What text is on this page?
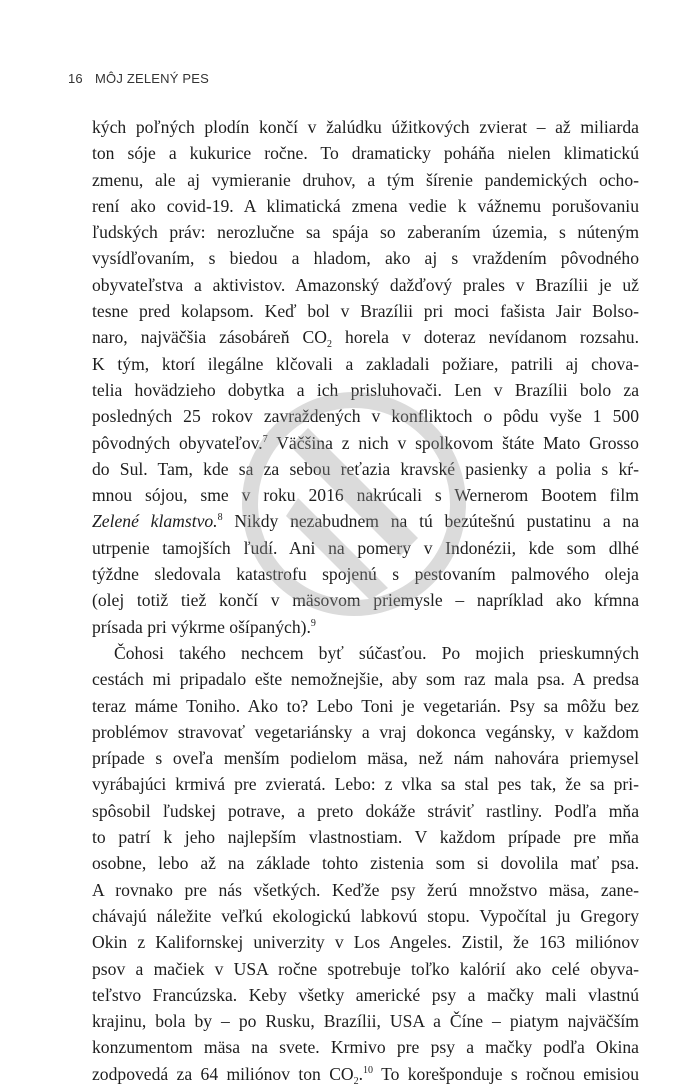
16 MÔJ ZELENÝ PES
kých poľných plodín končí v žalúdku úžitkových zvierat – až miliarda
ton sóje a kukurice ročne. To dramaticky poháňa nielen klimatickú
zmenu, ale aj vymieranie druhov, a tým šírenie pandemických ocho-
rení ako covid-19. A klimatická zmena vedie k vážnemu porušovaniu
ľudských práv: nerozlučne sa spája so zaberaním územia, s núteným
vysídľovaním, s biedou a hladom, ako aj s vraždením pôvodného
obyvateľstva a aktivistov. Amazonský dažďový prales v Brazílii je už
tesne pred kolapsom. Keď bol v Brazílii pri moci fašista Jair Bolso-
naro, najväčšia zásobáreň $CO_2$ horela v doteraz nevídanom rozsahu.
K tým, ktorí ilegálne klčovali a zakladali požiare, patrili aj chova-
telia hovädzieho dobytka a ich prisluhovači. Len v Brazílii bolo za
posledných 25 rokov zavraždených v konfliktoch o pôdu vyše 1 500
pôvodných obyvateľov.$^7$ Väčšina z nich v spolkovom štáte Mato Grosso
do Sul. Tam, kde sa za sebou reťazia kravské pasienky a polia s kŕ-
mnou sójou, sme v roku 2016 nakrúcali s Wernerom Bootem film
Zelené klamstvo.$^8$ Nikdy nezabudnem na tú bezútešnú pustatinu a na
utrpenie tamojších ľudí. Ani na pomery v Indonézii, kde som dlhé
týždne sledovala katastrofu spojenú s pestovaním palmového oleja
(olej totiž tiež končí v mäsovom priemysle – napríklad ako kŕmna
prísada pri výkrme ošípaných).$^9$
Čohosi takého nechcem byť súčasťou. Po mojich prieskumných
cestách mi pripadalo ešte nemožnejšie, aby som raz mala psa. A predsa
teraz máme Toniho. Ako to? Lebo Toni je vegetarián. Psy sa môžu bez
problémov stravovať vegetariánsky a vraj dokonca vegánsky, v každom
prípade s oveľa menším podielom mäsa, než nám nahovára priemysel
vyrábajúci krmivá pre zvieratá. Lebo: z vlka sa stal pes tak, že sa pri-
spôsobil ľudskej potrave, a preto dokáže stráviť rastliny. Podľa mňa
to patrí k jeho najlepším vlastnostiam. V každom prípade pre mňa
osobne, lebo až na základe tohto zistenia som si dovolila mať psa.
A rovnako pre nás všetkých. Keďže psy žerú množstvo mäsa, zane-
chávajú náležite veľkú ekologickú labkovú stopu. Vypočítal ju Gregory
Okin z Kalifornskej univerzity v Los Angeles. Zistil, že 163 miliónov
psov a mačiek v USA ročne spotrebuje toľko kalórií ako celé obyva-
teľstvo Francúzska. Keby všetky americké psy a mačky mali vlastnú
krajinu, bola by – po Rusku, Brazílii, USA a Číne – piatym najväčším
konzumentom mäsa na svete. Krmivo pre psy a mačky podľa Okina
zodpovedá za 64 miliónov ton $CO_2.^{10}$ To korešponduje s ročnou emisiou
